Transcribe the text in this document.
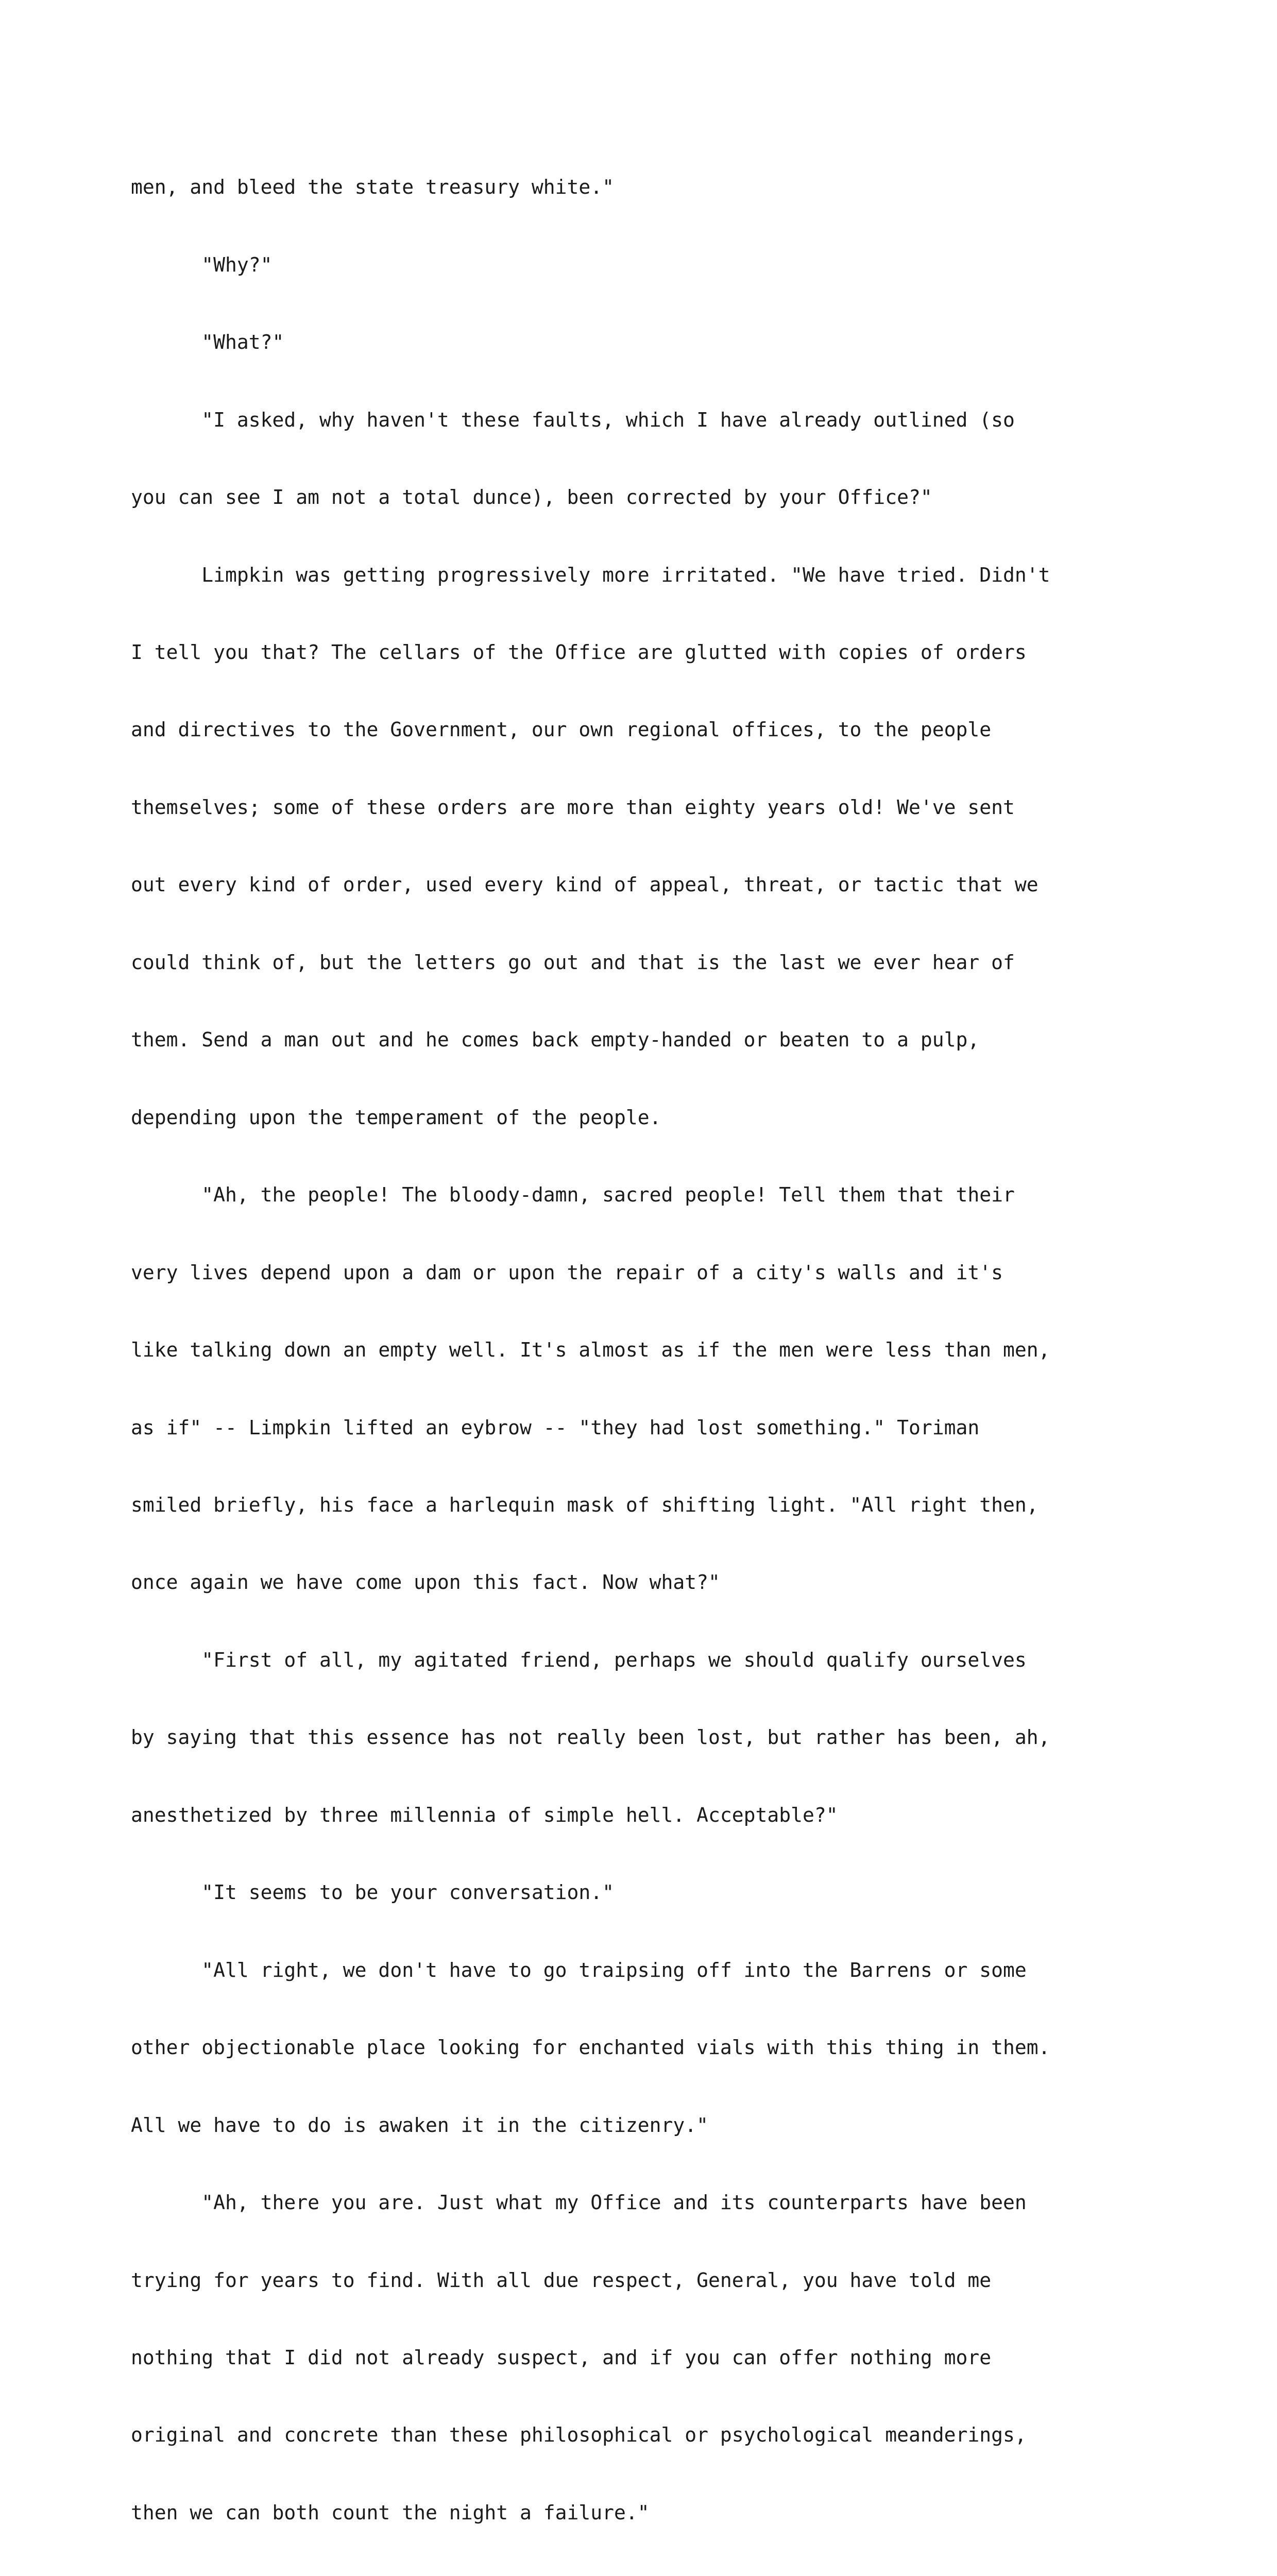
men, and bleed the state treasury white."

"Why?"

"What?"

"I asked, why haven't these faults, which I have already outlined (so

you can see I am not a total dunce), been corrected by your Office?"

Limpkin was getting progressively more irritated. "We have tried. Didn't

I tell you that? The cellars of the Office are glutted with copies of orders

and directives to the Government, our own regional offices, to the people

themselves; some of these orders are more than eighty years old! We've sent

out every kind of order, used every kind of appeal, threat, or tactic that we

could think of, but the letters go out and that is the last we ever hear of

them. Send a man out and he comes back empty-handed or beaten to a pulp,

depending upon the temperament of the people.

"Ah, the people! The bloody-damn, sacred people! Tell them that their

very lives depend upon a dam or upon the repair of a city's walls and it's

like talking down an empty well. It's almost as if the men were less than men,

as if" -- Limpkin lifted an eybrow -- "they had lost something." Toriman

smiled briefly, his face a harlequin mask of shifting light. "All right then,

once again we have come upon this fact. Now what?"

"First of all, my agitated friend, perhaps we should qualify ourselves

by saying that this essence has not really been lost, but rather has been, ah,

anesthetized by three millennia of simple hell. Acceptable?"

"It seems to be your conversation."

"All right, we don't have to go traipsing off into the Barrens or some

other objectionable place looking for enchanted vials with this thing in them.

All we have to do is awaken it in the citizenry."

"Ah, there you are. Just what my Office and its counterparts have been

trying for years to find. With all due respect, General, you have told me

nothing that I did not already suspect, and if you can offer nothing more

original and concrete than these philosophical or psychological meanderings,

then we can both count the night a failure."
